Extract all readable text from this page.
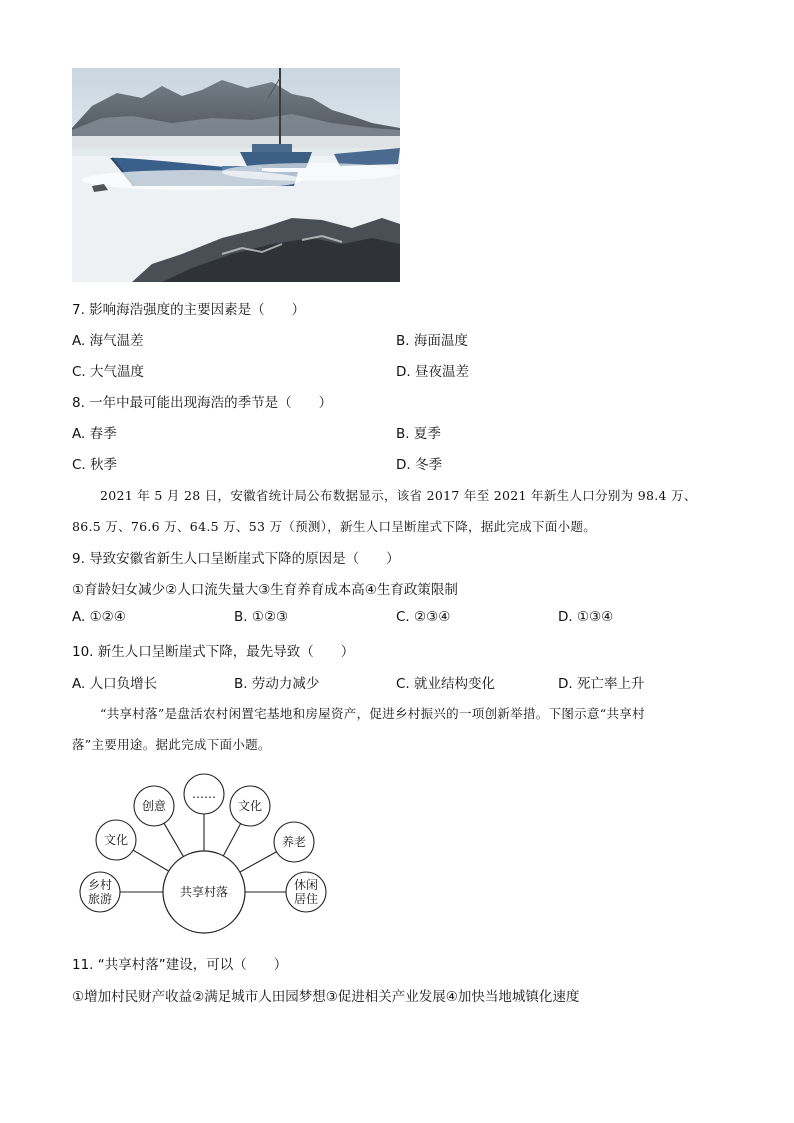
7. 影响海浩强度的主要因素是（　　）
A. 海气温差	B. 海面温度
C. 大气温度	D. 昼夜温差
8. 一年中最可能出现海浩的季节是（　　）
A. 春季	B. 夏季
C. 秋季	D. 冬季
2021 年 5 月 28 日，安徽省统计局公布数据显示，该省 2017 年至 2021 年新生人口分别为 98.4 万、
86.5 万、76.6 万、64.5 万、53 万（预测），新生人口呈断崖式下降，据此完成下面小题。
9. 导致安徽省新生人口呈断崖式下降的原因是（　　）
①育龄妇女减少②人口流失量大③生育养育成本高④生育政策限制
A. ①②④	B. ①②③	C. ②③④	D. ①③④
10. 新生人口呈断崖式下降，最先导致（　　）
A. 人口负增长	B. 劳动力减少	C. 就业结构变化	D. 死亡率上升
“共享村落”是盘活农村闲置宅基地和房屋资产，促进乡村振兴的一项创新举措。下图示意“共享村
落”主要用途。据此完成下面小题。
共享村落
乡村
旅游
文化
创意
……
文化
养老
休闲
居住
11. “共享村落”建设，可以（　　）
①增加村民财产收益②满足城市人田园梦想③促进相关产业发展④加快当地城镇化速度
